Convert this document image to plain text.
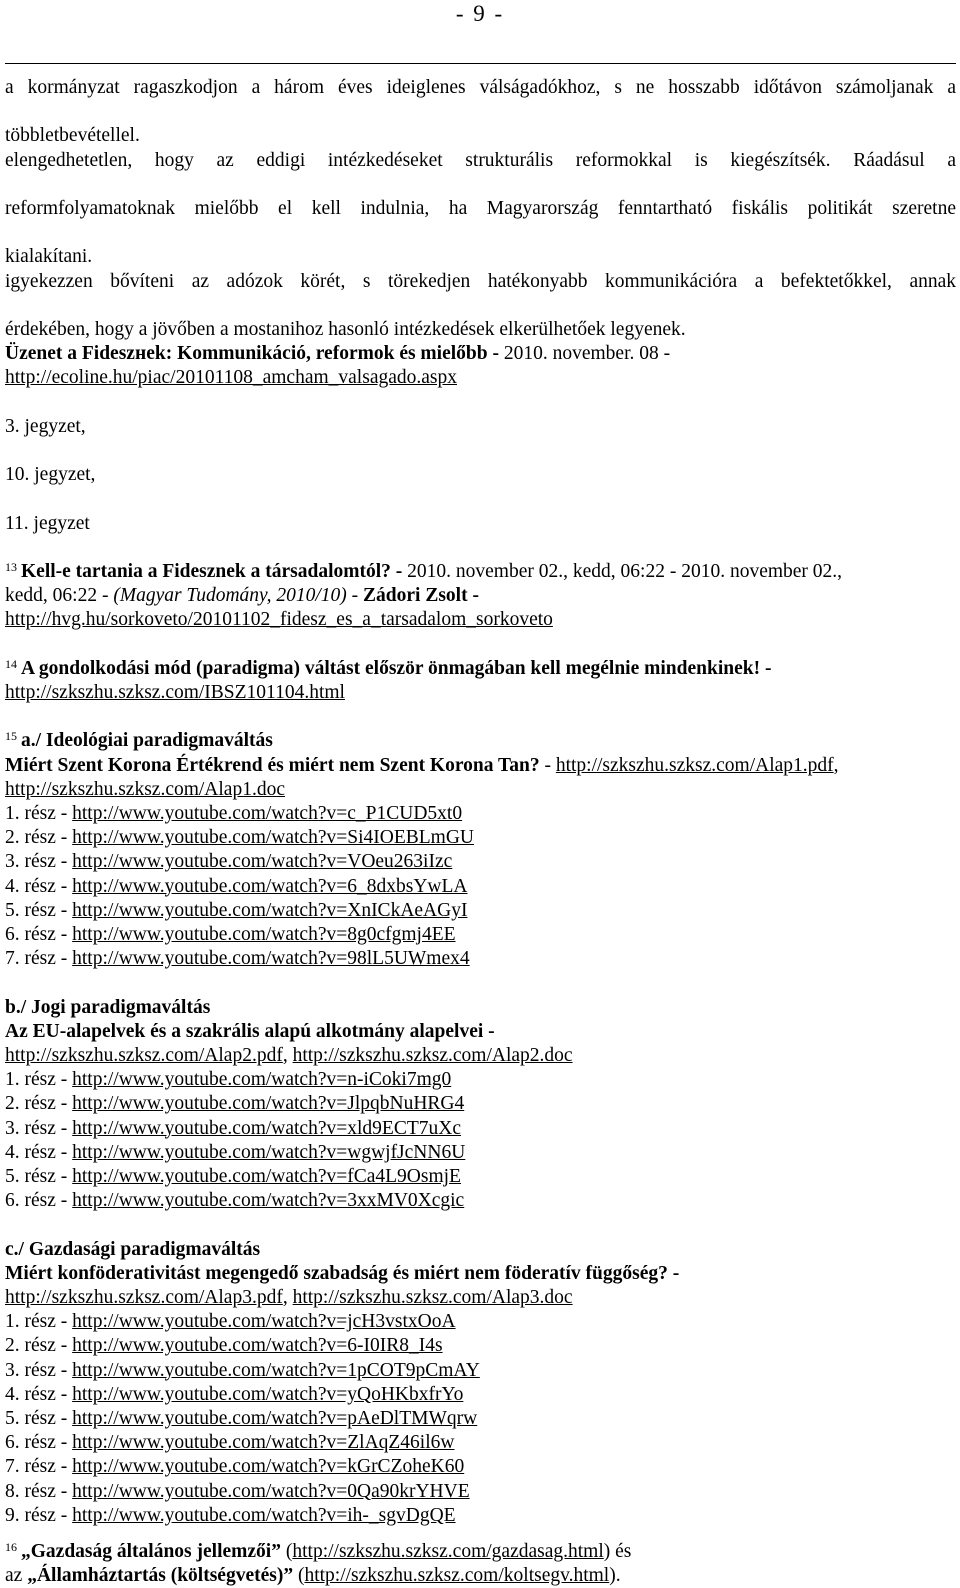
- 9 -
a kormányzat ragaszkodjon a három éves ideiglenes válságadókhoz, s ne hosszabb időtávon számoljanak a
többletbevétellel.
elengedhetetlen, hogy az eddigi intézkedéseket strukturális reformokkal is kiegészítsék. Ráadásul a
reformfolyamatoknak mielőbb el kell indulnia, ha Magyarország fenntartható fiskális politikát szeretne
kialakítani.
igyekezzen bővíteni az adózok körét, s törekedjen hatékonyabb kommunikációra a befektetőkkel, annak
érdekében, hogy a jövőben a mostanihoz hasonló intézkedések elkerülhetőek legyenek.
Üzenet a Fideszнek: Kommunikáció, reformok és mielőbb - 2010. november. 08 -
http://ecoline.hu/piac/20101108_amcham_valsagado.aspx
3. jegyzet,
10. jegyzet,
11. jegyzet
$^{13}$ Kell-e tartania a Fidesznek a társadalomtól? - 2010. november 02., kedd, 06:22 - 2010. november 02.,
kedd, 06:22 - (Magyar Tudomány, 2010/10) - Zádori Zsolt -
http://hvg.hu/sorkoveto/20101102_fidesz_es_a_tarsadalom_sorkoveto
$^{14}$ A gondolkodási mód (paradigma) váltást először önmagában kell megélnie mindenkinek! -
http://szkszhu.szksz.com/IBSZ101104.html
$^{15}$ a./ Ideológiai paradigmaváltás
Miért Szent Korona Értékrend és miért nem Szent Korona Tan? - http://szkszhu.szksz.com/Alap1.pdf,
http://szkszhu.szksz.com/Alap1.doc
1. rész - http://www.youtube.com/watch?v=c_P1CUD5xt0
2. rész - http://www.youtube.com/watch?v=Si4IOEBLmGU
3. rész - http://www.youtube.com/watch?v=VOeu263iIzc
4. rész - http://www.youtube.com/watch?v=6_8dxbsYwLA
5. rész - http://www.youtube.com/watch?v=XnICkAeAGyI
6. rész - http://www.youtube.com/watch?v=8g0cfgmj4EE
7. rész - http://www.youtube.com/watch?v=98lL5UWmex4
b./ Jogi paradigmaváltás
Az EU-alapelvek és a szakrális alapú alkotmány alapelvei -
http://szkszhu.szksz.com/Alap2.pdf, http://szkszhu.szksz.com/Alap2.doc
1. rész - http://www.youtube.com/watch?v=n-iCoki7mg0
2. rész - http://www.youtube.com/watch?v=JlpqbNuHRG4
3. rész - http://www.youtube.com/watch?v=xld9ECT7uXc
4. rész - http://www.youtube.com/watch?v=wgwjfJcNN6U
5. rész - http://www.youtube.com/watch?v=fCa4L9OsmjE
6. rész - http://www.youtube.com/watch?v=3xxMV0Xcgic
c./ Gazdasági paradigmaváltás
Miért konföderativitást megengedő szabadság és miért nem föderatív függőség? -
http://szkszhu.szksz.com/Alap3.pdf, http://szkszhu.szksz.com/Alap3.doc
1. rész - http://www.youtube.com/watch?v=jcH3vstxOoA
2. rész - http://www.youtube.com/watch?v=6-I0IR8_I4s
3. rész - http://www.youtube.com/watch?v=1pCOT9pCmAY
4. rész - http://www.youtube.com/watch?v=yQoHKbxfrYo
5. rész - http://www.youtube.com/watch?v=pAeDlTMWqrw
6. rész - http://www.youtube.com/watch?v=ZlAqZ46il6w
7. rész - http://www.youtube.com/watch?v=kGrCZoheK60
8. rész - http://www.youtube.com/watch?v=0Qa90krYHVE
9. rész - http://www.youtube.com/watch?v=ih-_sgvDgQE
$^{16}$ „Gazdaság általános jellemzői” (http://szkszhu.szksz.com/gazdasag.html) és
az „Államháztartás (költségvetés)” (http://szkszhu.szksz.com/koltsegv.html).
